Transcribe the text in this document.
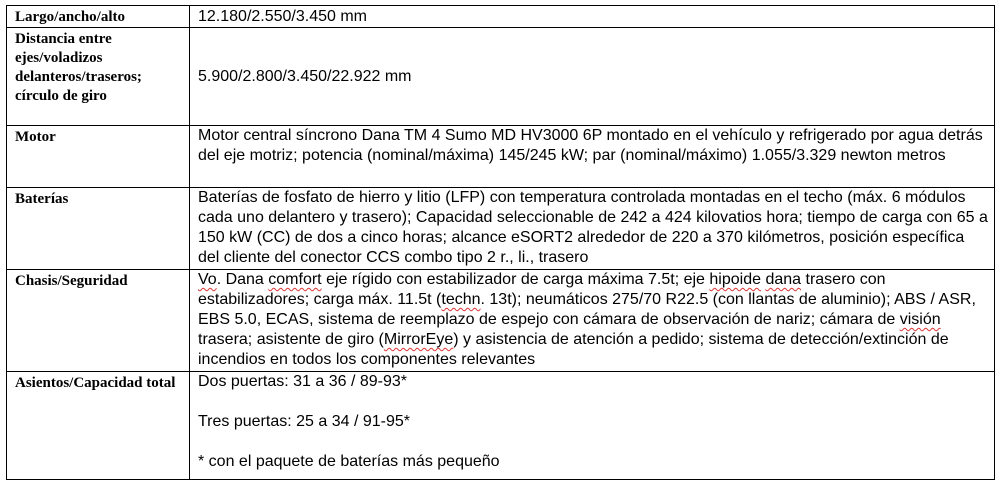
Largo/ancho/alto	12.180/2.550/3.450 mm
Distancia entre ejes/voladizos delanteros/traseros; círculo de giro	5.900/2.800/3.450/22.922 mm
Motor	Motor central síncrono Dana TM 4 Sumo MD HV3000 6P montado en el vehículo y refrigerado por agua detrás del eje motriz; potencia (nominal/máxima) 145/245 kW; par (nominal/máximo) 1.055/3.329 newton metros
Baterías	Baterías de fosfato de hierro y litio (LFP) con temperatura controlada montadas en el techo (máx. 6 módulos cada uno delantero y trasero); Capacidad seleccionable de 242 a 424 kilovatios hora; tiempo de carga con 65 a 150 kW (CC) de dos a cinco horas; alcance eSORT2 alrededor de 220 a 370 kilómetros, posición específica del cliente del conector CCS combo tipo 2 r., li., trasero
Chasis/Seguridad	Vo. Dana comfort eje rígido con estabilizador de carga máxima 7.5t; eje hipoide dana trasero con estabilizadores; carga máx. 11.5t (techn. 13t); neumáticos 275/70 R22.5 (con llantas de aluminio); ABS / ASR, EBS 5.0, ECAS, sistema de reemplazo de espejo con cámara de observación de nariz; cámara de visión trasera; asistente de giro (MirrorEye) y asistencia de atención a pedido; sistema de detección/extinción de incendios en todos los componentes relevantes
Asientos/Capacidad total	Dos puertas: 31 a 36 / 89-93*
Tres puertas: 25 a 34 / 91-95*
* con el paquete de baterías más pequeño
